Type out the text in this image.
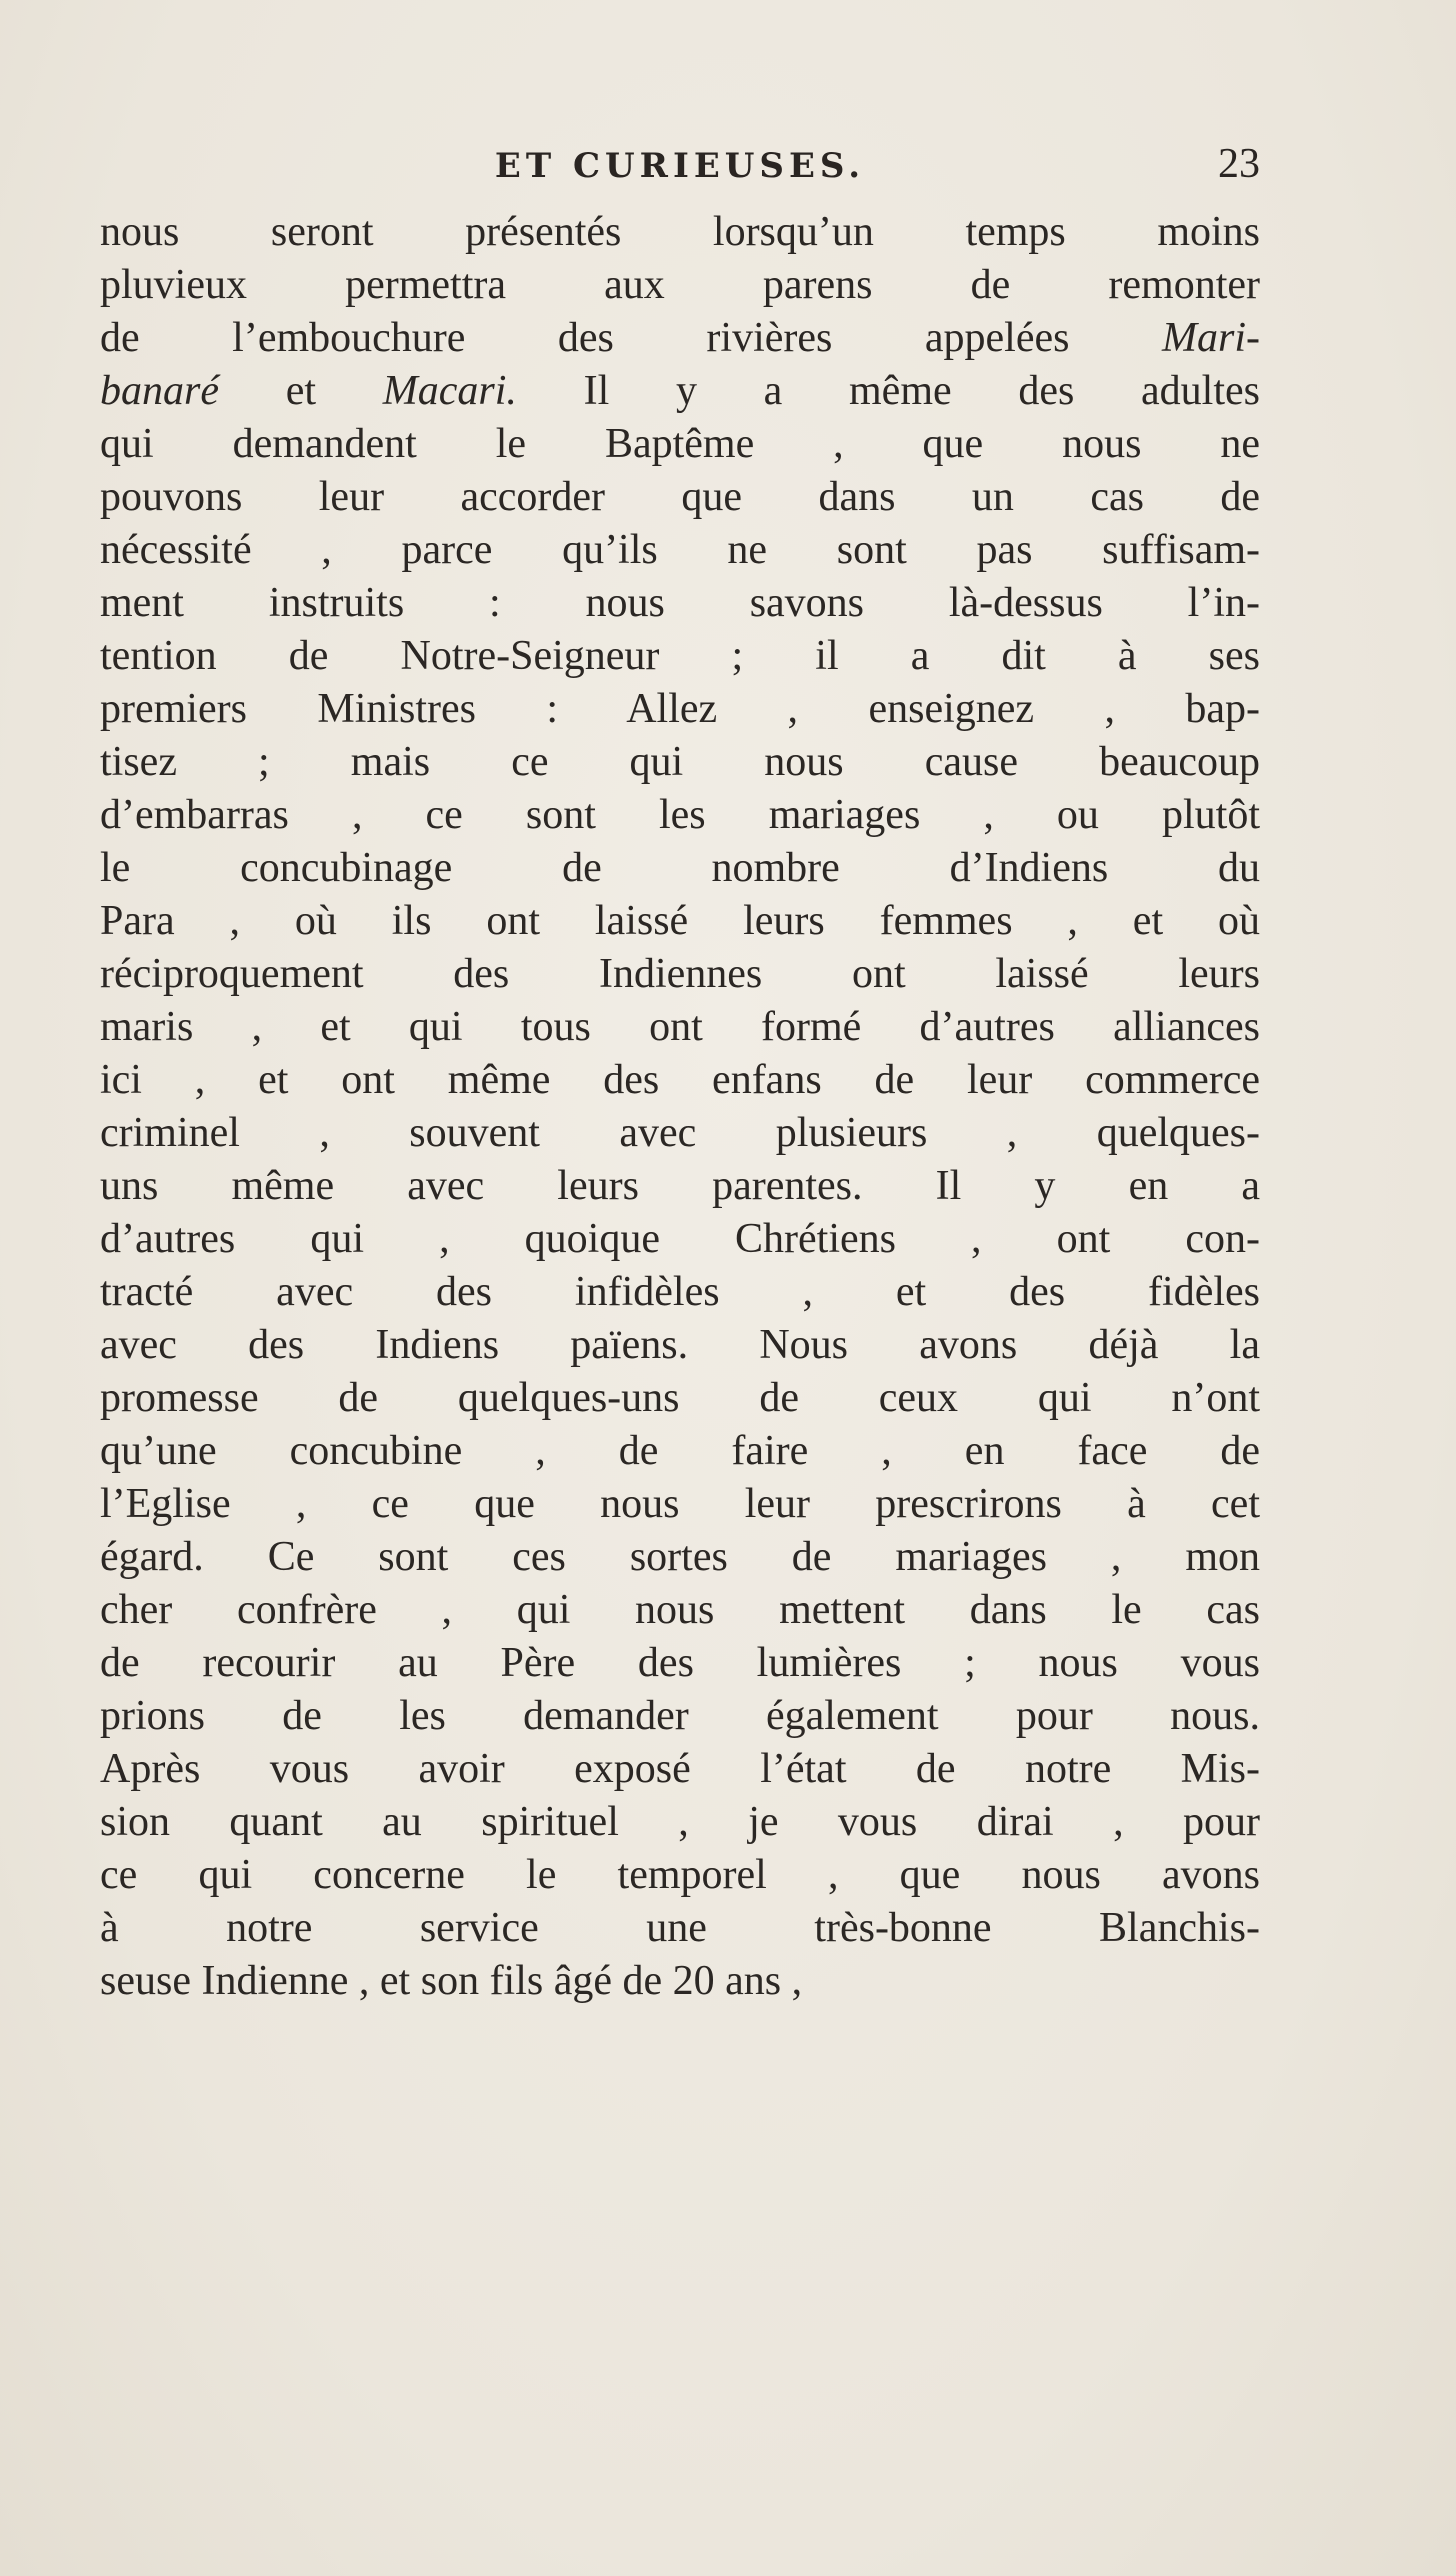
ET CURIEUSES.	23
nous seront présentés lorsqu’un temps moins
pluvieux permettra aux parens de remonter
de l’embouchure des rivières appelées Mari-
banaré et Macari. Il y a même des adultes
qui demandent le Baptême , que nous ne
pouvons leur accorder que dans un cas de
nécessité , parce qu’ils ne sont pas suffisam-
ment instruits : nous savons là-dessus l’in-
tention de Notre-Seigneur ; il a dit à ses
premiers Ministres : Allez , enseignez , bap-
tisez ; mais ce qui nous cause beaucoup
d’embarras , ce sont les mariages , ou plutôt
le concubinage de nombre d’Indiens du
Para , où ils ont laissé leurs femmes , et où
réciproquement des Indiennes ont laissé leurs
maris , et qui tous ont formé d’autres alliances
ici , et ont même des enfans de leur commerce
criminel , souvent avec plusieurs , quelques-
uns même avec leurs parentes. Il y en a
d’autres qui , quoique Chrétiens , ont con-
tracté avec des infidèles , et des fidèles
avec des Indiens païens. Nous avons déjà la
promesse de quelques-uns de ceux qui n’ont
qu’une concubine , de faire , en face de
l’Eglise , ce que nous leur prescrirons à cet
égard. Ce sont ces sortes de mariages , mon
cher confrère , qui nous mettent dans le cas
de recourir au Père des lumières ; nous vous
prions de les demander également pour nous.
Après vous avoir exposé l’état de notre Mis-
sion quant au spirituel , je vous dirai , pour
ce qui concerne le temporel , que nous avons
à notre service une très-bonne Blanchis-
seuse Indienne , et son fils âgé de 20 ans ,
